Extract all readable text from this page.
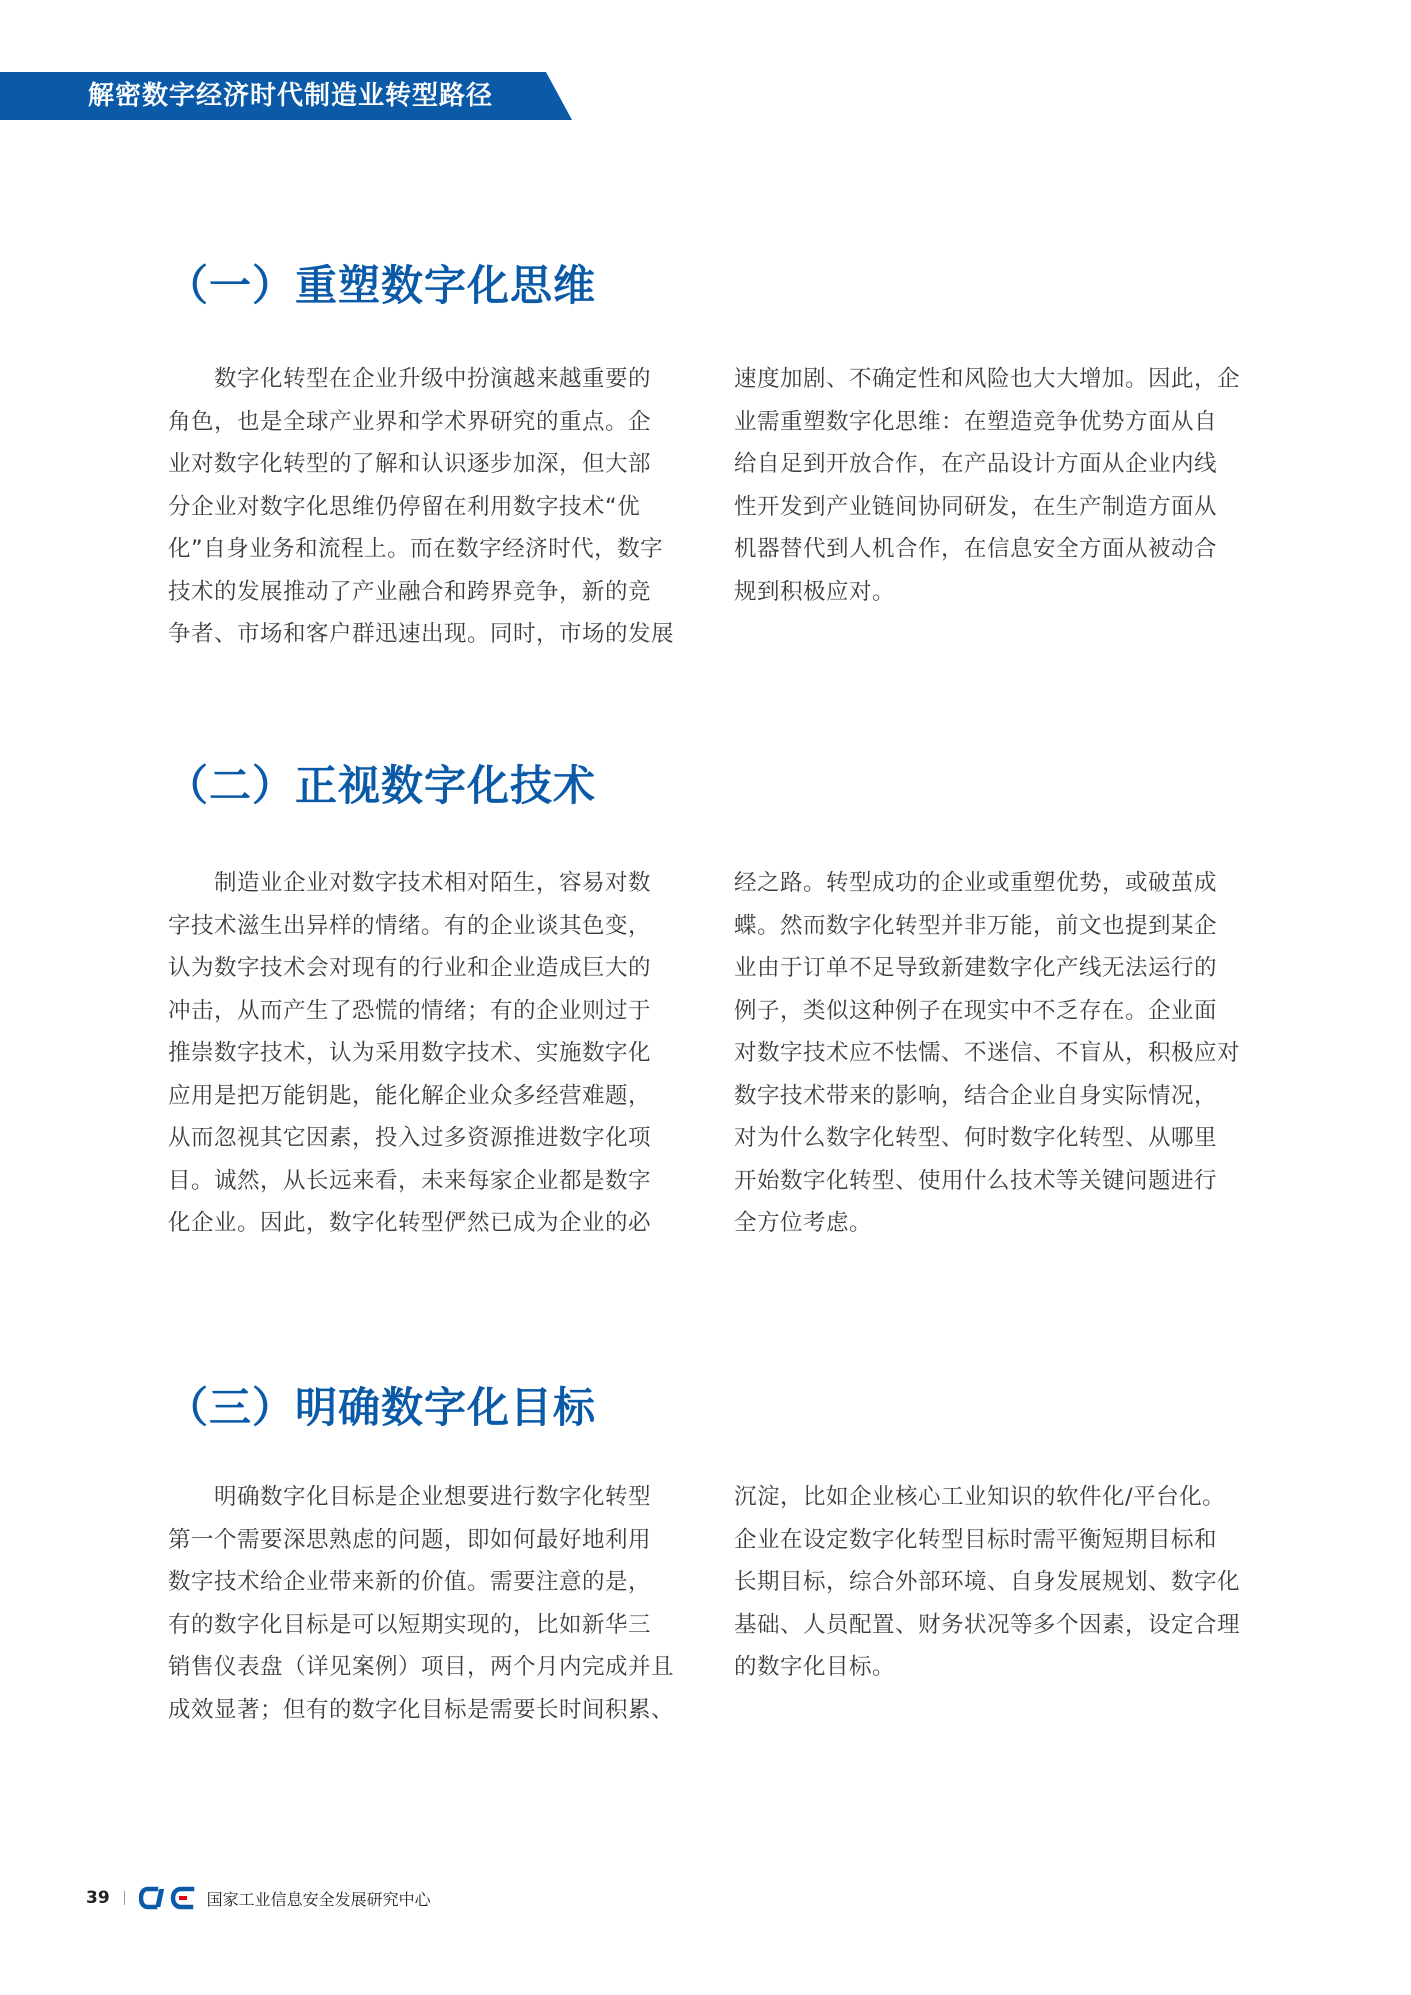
解密数字经济时代制造业转型路径
（一）重塑数字化思维
　　数字化转型在企业升级中扮演越来越重要的
角色，也是全球产业界和学术界研究的重点。企
业对数字化转型的了解和认识逐步加深，但大部
分企业对数字化思维仍停留在利用数字技术“优
化”自身业务和流程上。而在数字经济时代，数字
技术的发展推动了产业融合和跨界竞争，新的竞
争者、市场和客户群迅速出现。同时，市场的发展
速度加剧、不确定性和风险也大大增加。因此，企
业需重塑数字化思维：在塑造竞争优势方面从自
给自足到开放合作，在产品设计方面从企业内线
性开发到产业链间协同研发，在生产制造方面从
机器替代到人机合作，在信息安全方面从被动合
规到积极应对。
（二）正视数字化技术
　　制造业企业对数字技术相对陌生，容易对数
字技术滋生出异样的情绪。有的企业谈其色变，
认为数字技术会对现有的行业和企业造成巨大的
冲击，从而产生了恐慌的情绪；有的企业则过于
推崇数字技术，认为采用数字技术、实施数字化
应用是把万能钥匙，能化解企业众多经营难题，
从而忽视其它因素，投入过多资源推进数字化项
目。诚然，从长远来看，未来每家企业都是数字
化企业。因此，数字化转型俨然已成为企业的必
经之路。转型成功的企业或重塑优势，或破茧成
蝶。然而数字化转型并非万能，前文也提到某企
业由于订单不足导致新建数字化产线无法运行的
例子，类似这种例子在现实中不乏存在。企业面
对数字技术应不怯懦、不迷信、不盲从，积极应对
数字技术带来的影响，结合企业自身实际情况，
对为什么数字化转型、何时数字化转型、从哪里
开始数字化转型、使用什么技术等关键问题进行
全方位考虑。
（三）明确数字化目标
　　明确数字化目标是企业想要进行数字化转型
第一个需要深思熟虑的问题，即如何最好地利用
数字技术给企业带来新的价值。需要注意的是，
有的数字化目标是可以短期实现的，比如新华三
销售仪表盘（详见案例）项目，两个月内完成并且
成效显著；但有的数字化目标是需要长时间积累、
沉淀，比如企业核心工业知识的软件化/平台化。
企业在设定数字化转型目标时需平衡短期目标和
长期目标，综合外部环境、自身发展规划、数字化
基础、人员配置、财务状况等多个因素，设定合理
的数字化目标。
39	国家工业信息安全发展研究中心
